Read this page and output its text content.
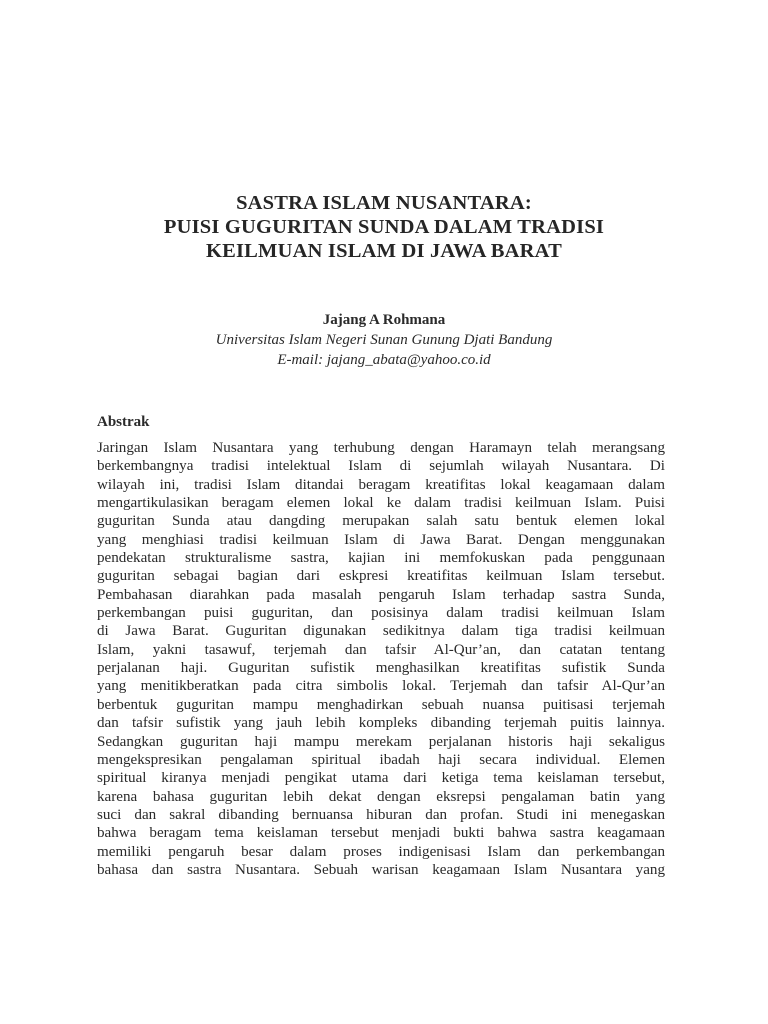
SASTRA ISLAM NUSANTARA:
PUISI GUGURITAN SUNDA DALAM TRADISI
KEILMUAN ISLAM DI JAWA BARAT
Jajang A Rohmana
Universitas Islam Negeri Sunan Gunung Djati Bandung
E-mail: jajang_abata@yahoo.co.id
Abstrak
Jaringan Islam Nusantara yang terhubung dengan Haramayn telah merangsang
berkembangnya tradisi intelektual Islam di sejumlah wilayah Nusantara. Di
wilayah ini, tradisi Islam ditandai beragam kreatifitas lokal keagamaan dalam
mengartikulasikan beragam elemen lokal ke dalam tradisi keilmuan Islam. Puisi
guguritan Sunda atau dangding merupakan salah satu bentuk elemen lokal
yang menghiasi tradisi keilmuan Islam di Jawa Barat. Dengan menggunakan
pendekatan strukturalisme sastra, kajian ini memfokuskan pada penggunaan
guguritan sebagai bagian dari eskpresi kreatifitas keilmuan Islam tersebut.
Pembahasan diarahkan pada masalah pengaruh Islam terhadap sastra Sunda,
perkembangan puisi guguritan, dan posisinya dalam tradisi keilmuan Islam
di Jawa Barat. Guguritan digunakan sedikitnya dalam tiga tradisi keilmuan
Islam, yakni tasawuf, terjemah dan tafsir Al-Qur’an, dan catatan tentang
perjalanan haji. Guguritan sufistik menghasilkan kreatifitas sufistik Sunda
yang menitikberatkan pada citra simbolis lokal. Terjemah dan tafsir Al-Qur’an
berbentuk guguritan mampu menghadirkan sebuah nuansa puitisasi terjemah
dan tafsir sufistik yang jauh lebih kompleks dibanding terjemah puitis lainnya.
Sedangkan guguritan haji mampu merekam perjalanan historis haji sekaligus
mengekspresikan pengalaman spiritual ibadah haji secara individual. Elemen
spiritual kiranya menjadi pengikat utama dari ketiga tema keislaman tersebut,
karena bahasa guguritan lebih dekat dengan eksrepsi pengalaman batin yang
suci dan sakral dibanding bernuansa hiburan dan profan. Studi ini menegaskan
bahwa beragam tema keislaman tersebut menjadi bukti bahwa sastra keagamaan
memiliki pengaruh besar dalam proses indigenisasi Islam dan perkembangan
bahasa dan sastra Nusantara. Sebuah warisan keagamaan Islam Nusantara yang
